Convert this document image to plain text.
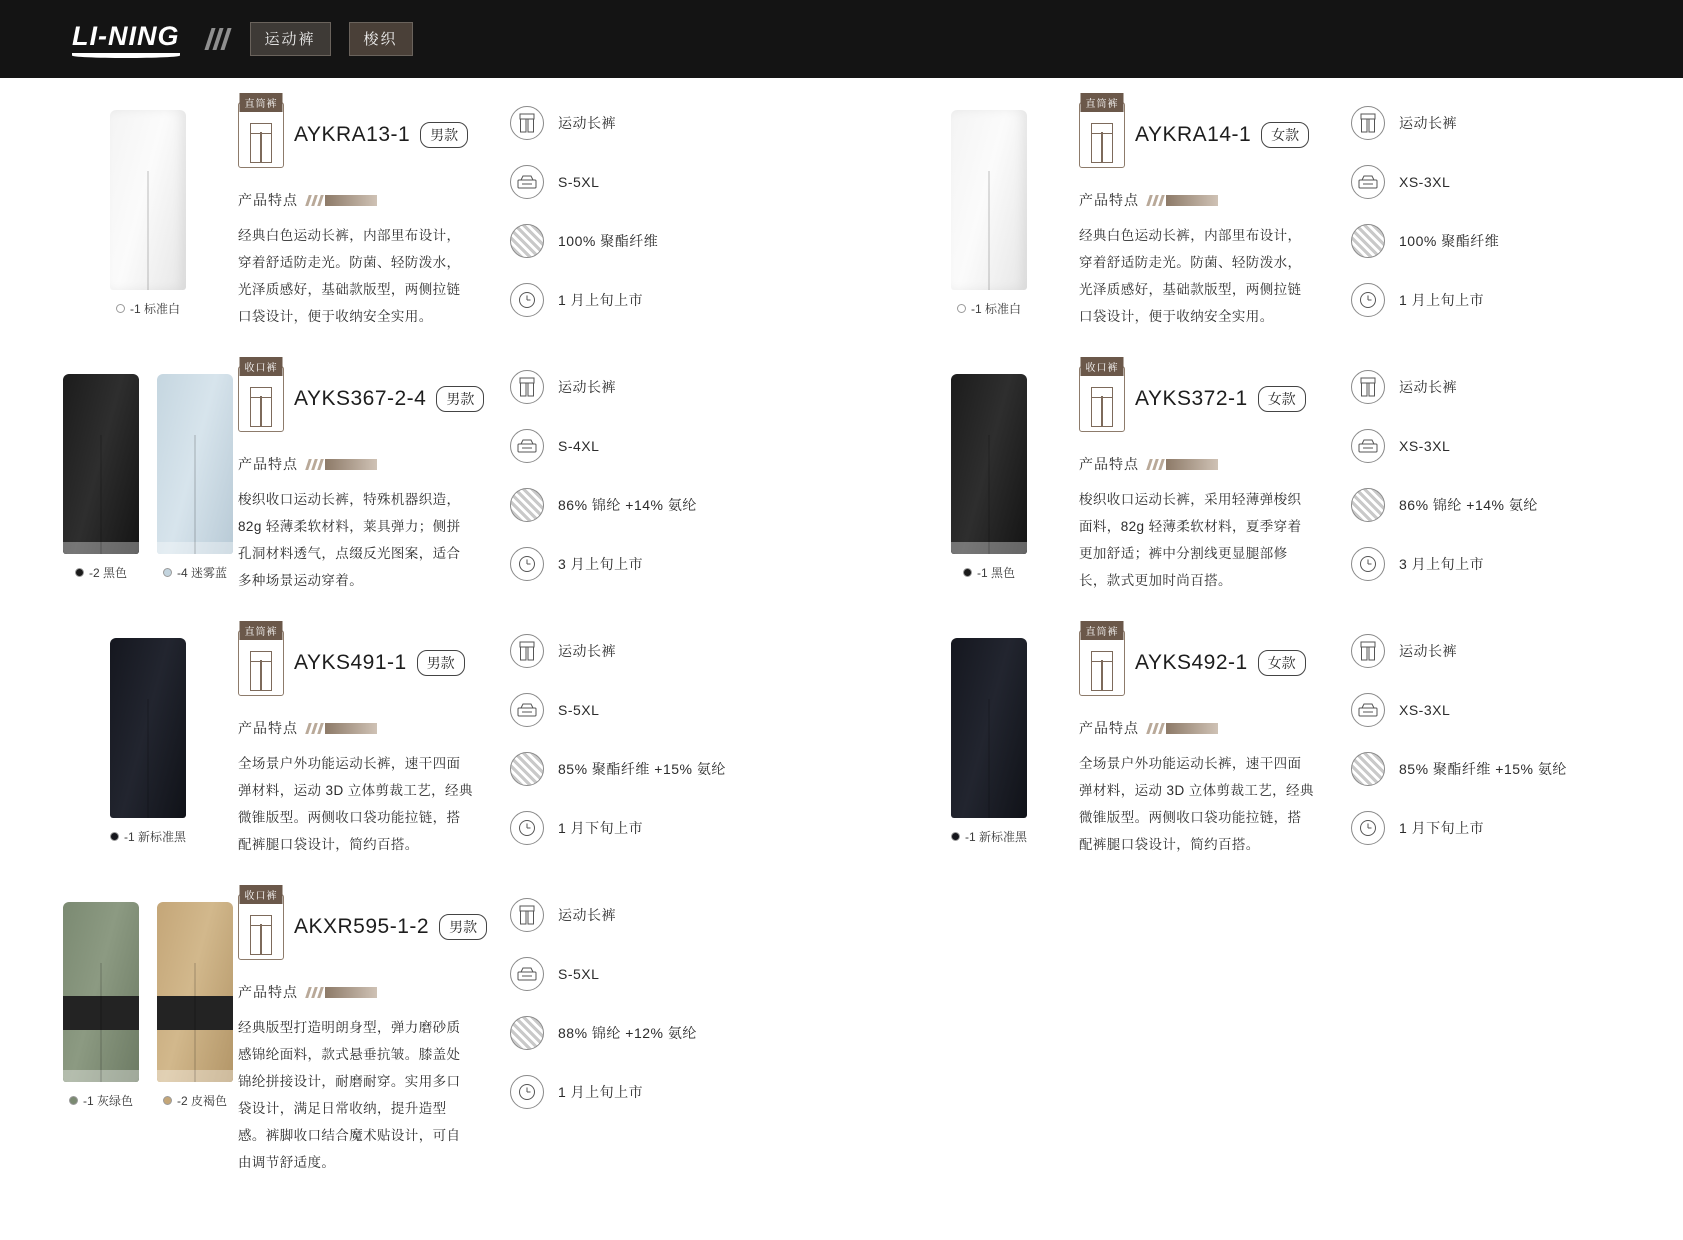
LI-NING	运动裤	梭织
-1 标准白
直筒裤
AYKRA13-1	男款
产品特点
经典白色运动长裤，内部里布设计，穿着舒适防走光。防菌、轻防泼水，光泽质感好，基础款版型，两侧拉链口袋设计，便于收纳安全实用。
运动长裤
S-5XL
100% 聚酯纤维
1 月上旬上市
-1 标准白
直筒裤
AYKRA14-1	女款
产品特点
经典白色运动长裤，内部里布设计，穿着舒适防走光。防菌、轻防泼水，光泽质感好，基础款版型，两侧拉链口袋设计，便于收纳安全实用。
运动长裤
XS-3XL
100% 聚酯纤维
1 月上旬上市
-2 黑色	-4 迷雾蓝
收口裤
AYKS367-2-4	男款
产品特点
梭织收口运动长裤，特殊机器织造，82g 轻薄柔软材料，莱具弹力；侧拼孔洞材料透气，点缀反光图案，适合多种场景运动穿着。
运动长裤
S-4XL
86% 锦纶 +14% 氨纶
3 月上旬上市
-1 黑色
收口裤
AYKS372-1	女款
产品特点
梭织收口运动长裤，采用轻薄弹梭织面料，82g 轻薄柔软材料，夏季穿着更加舒适；裤中分割线更显腿部修长，款式更加时尚百搭。
运动长裤
XS-3XL
86% 锦纶 +14% 氨纶
3 月上旬上市
-1 新标准黑
直筒裤
AYKS491-1	男款
产品特点
全场景户外功能运动长裤，速干四面弹材料，运动 3D 立体剪裁工艺，经典微锥版型。两侧收口袋功能拉链，搭配裤腿口袋设计，简约百搭。
运动长裤
S-5XL
85% 聚酯纤维 +15% 氨纶
1 月下旬上市
-1 新标准黑
直筒裤
AYKS492-1	女款
产品特点
全场景户外功能运动长裤，速干四面弹材料，运动 3D 立体剪裁工艺，经典微锥版型。两侧收口袋功能拉链，搭配裤腿口袋设计，简约百搭。
运动长裤
XS-3XL
85% 聚酯纤维 +15% 氨纶
1 月下旬上市
-1 灰绿色	-2 皮褐色
收口裤
AKXR595-1-2	男款
产品特点
经典版型打造明朗身型，弹力磨砂质感锦纶面料，款式悬垂抗皱。膝盖处锦纶拼接设计，耐磨耐穿。实用多口袋设计，满足日常收纳，提升造型感。裤脚收口结合魔术贴设计，可自由调节舒适度。
运动长裤
S-5XL
88% 锦纶 +12% 氨纶
1 月上旬上市
